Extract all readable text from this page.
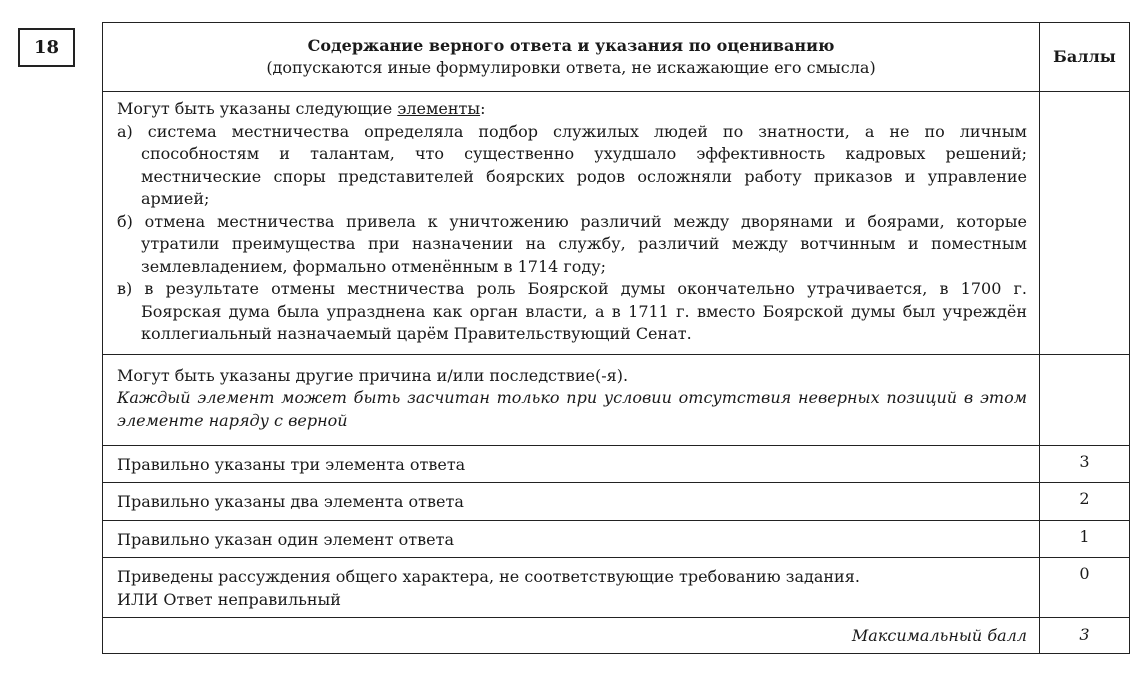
18	Содержание верного ответа и указания по оцениванию
(допускаются иные формулировки ответа, не искажающие его смысла)	Баллы

Могут быть указаны следующие элементы:
а) система местничества определяла подбор служилых людей по знатности, а не по личным способностям и талантам, что существенно ухудшало эффективность кадровых решений; местнические споры представителей боярских родов осложняли работу приказов и управление армией;
б) отмена местничества привела к уничтожению различий между дворянами и боярами, которые утратили преимущества при назначении на службу, различий между вотчинным и поместным землевладением, формально отменённым в 1714 году;
в) в результате отмены местничества роль Боярской думы окончательно утрачивается, в 1700 г. Боярская дума была упразднена как орган власти, а в 1711 г. вместо Боярской думы был учреждён коллегиальный назначаемый царём Правительствующий Сенат.	

Могут быть указаны другие причина и/или последствие(-я).
Каждый элемент может быть засчитан только при условии отсутствия неверных позиций в этом элементе наряду с верной	

Правильно указаны три элемента ответа	3
Правильно указаны два элемента ответа	2
Правильно указан один элемент ответа	1

Приведены рассуждения общего характера, не соответствующие требованию задания.
ИЛИ Ответ неправильный	0
Максимальный балл	3
